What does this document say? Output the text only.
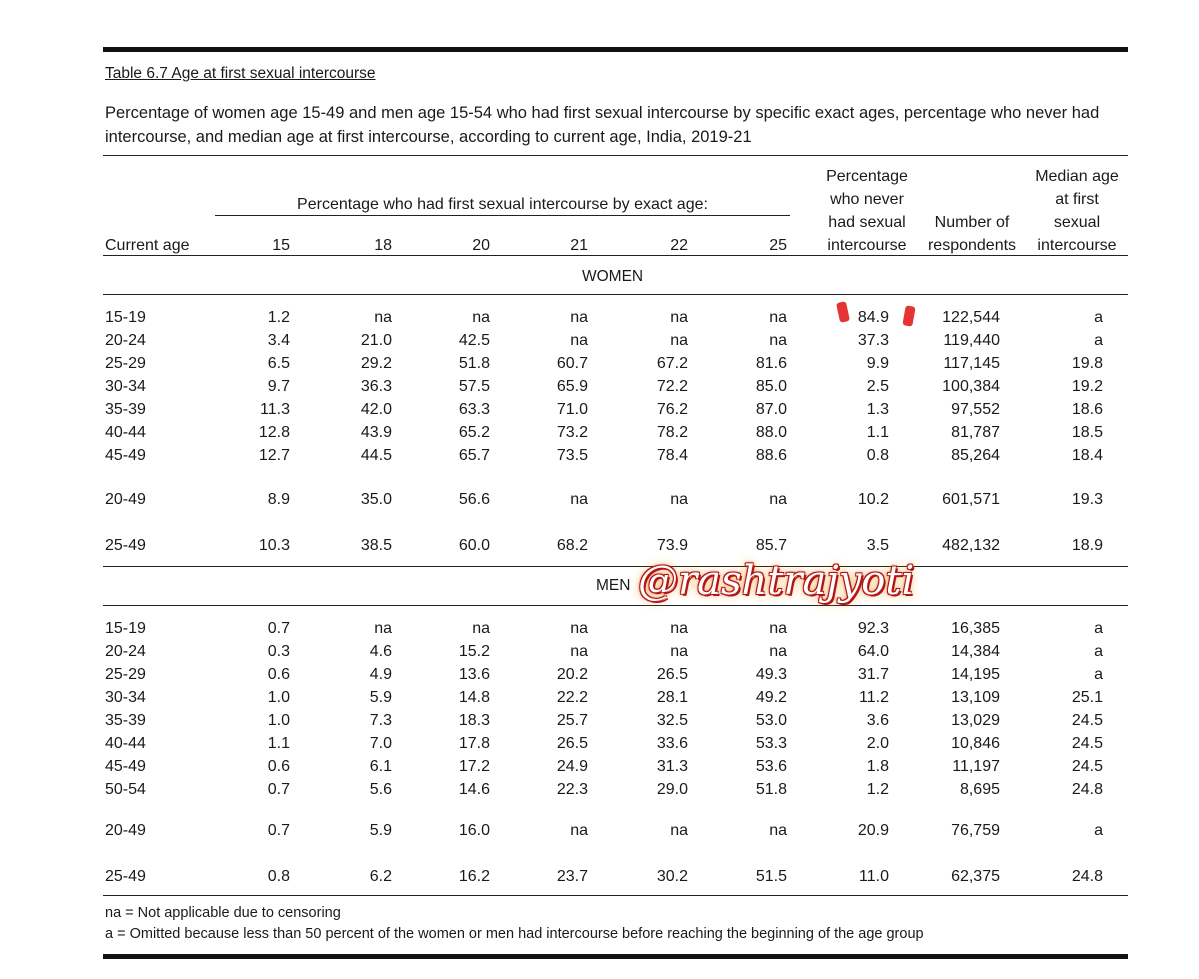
Table 6.7 Age at first sexual intercourse
Percentage of women age 15-49 and men age 15-54 who had first sexual intercourse by specific exact ages, percentage who never had intercourse, and median age at first intercourse, according to current age, India, 2019-21
Percentage who had first sexual intercourse by exact age:
Current age	15	18	20	21	22	25
Percentage
who never
had sexual
intercourse
Number of
respondents
Median age
at first
sexual
intercourse
WOMEN
MEN
15-19	1.2	na	na	na	na	na	84.9	122,544	a
20-24	3.4	21.0	42.5	na	na	na	37.3	119,440	a
25-29	6.5	29.2	51.8	60.7	67.2	81.6	9.9	117,145	19.8
30-34	9.7	36.3	57.5	65.9	72.2	85.0	2.5	100,384	19.2
35-39	11.3	42.0	63.3	71.0	76.2	87.0	1.3	97,552	18.6
40-44	12.8	43.9	65.2	73.2	78.2	88.0	1.1	81,787	18.5
45-49	12.7	44.5	65.7	73.5	78.4	88.6	0.8	85,264	18.4
20-49	8.9	35.0	56.6	na	na	na	10.2	601,571	19.3
25-49	10.3	38.5	60.0	68.2	73.9	85.7	3.5	482,132	18.9
15-19	0.7	na	na	na	na	na	92.3	16,385	a
20-24	0.3	4.6	15.2	na	na	na	64.0	14,384	a
25-29	0.6	4.9	13.6	20.2	26.5	49.3	31.7	14,195	a
30-34	1.0	5.9	14.8	22.2	28.1	49.2	11.2	13,109	25.1
35-39	1.0	7.3	18.3	25.7	32.5	53.0	3.6	13,029	24.5
40-44	1.1	7.0	17.8	26.5	33.6	53.3	2.0	10,846	24.5
45-49	0.6	6.1	17.2	24.9	31.3	53.6	1.8	11,197	24.5
50-54	0.7	5.6	14.6	22.3	29.0	51.8	1.2	8,695	24.8
20-49	0.7	5.9	16.0	na	na	na	20.9	76,759	a
25-49	0.8	6.2	16.2	23.7	30.2	51.5	11.0	62,375	24.8
@rashtrajyoti
na = Not applicable due to censoring
a = Omitted because less than 50 percent of the women or men had intercourse before reaching the beginning of the age group
